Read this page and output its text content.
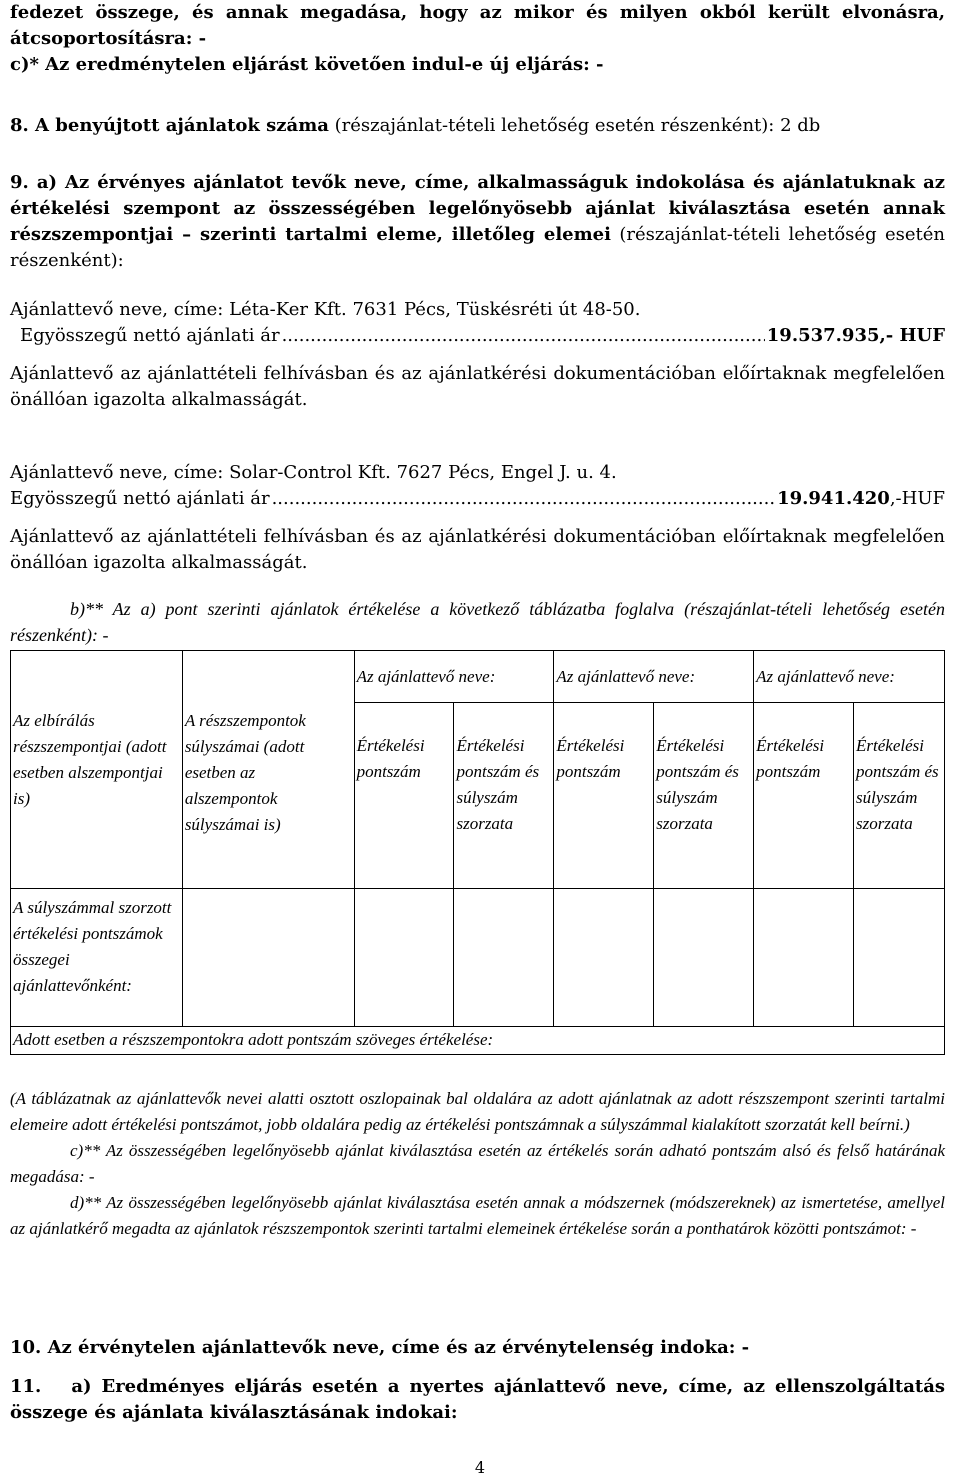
fedezet összege, és annak megadása, hogy az mikor és milyen okból került elvonásra, átcsoportosításra: -

c)* Az eredménytelen eljárást követően indul-e új eljárás: -

8. A benyújtott ajánlatok száma (részajánlat-tételi lehetőség esetén részenként): 2 db

9. a) Az érvényes ajánlatot tevők neve, címe, alkalmasságuk indokolása és ajánlatuknak az értékelési szempont az összességében legelőnyösebb ajánlat kiválasztása esetén annak részszempontjai – szerinti tartalmi eleme, illetőleg elemei (részajánlat-tételi lehetőség esetén részenként):

Ajánlattevő neve, címe: Léta-Ker Kft. 7631 Pécs, Tüskésréti út 48-50.

Egyösszegű nettó ajánlati ár .....	19.537.935 ,- HUF

Ajánlattevő az ajánlattételi felhívásban és az ajánlatkérési dokumentációban előírtaknak megfelelően önállóan igazolta alkalmasságát.

Ajánlattevő neve, címe: Solar-Control Kft. 7627 Pécs, Engel J. u. 4.

Egyösszegű nettó ajánlati ár .....	19.941.420 ,-HUF

Ajánlattevő az ajánlattételi felhívásban és az ajánlatkérési dokumentációban előírtaknak megfelelően önállóan igazolta alkalmasságát.

b)** Az a) pont szerinti ajánlatok értékelése a következő táblázatba foglalva (részajánlat-tételi lehetőség esetén részenként): -

		Az ajánlattevő neve:		Az ajánlattevő neve:		Az ajánlattevő neve:	
Az elbírálás részszempontjai (adott esetben alszempontjai is)	A részszempontok súlyszámai (adott esetben az alszempontok súlyszámai is)	Értékelési pontszám	Értékelési pontszám és súlyszám szorzata	Értékelési pontszám	Értékelési pontszám és súlyszám szorzata	Értékelési pontszám	Értékelési pontszám és súlyszám szorzata
A súlyszámmal szorzott értékelési pontszámok összegei ajánlattevőnként:							
Adott esetben a részszempontokra adott pontszám szöveges értékelése:							

(A táblázatnak az ajánlattevők nevei alatti osztott oszlopainak bal oldalára az adott ajánlatnak az adott részszempont szerinti tartalmi elemeire adott értékelési pontszámot, jobb oldalára pedig az értékelési pontszámnak a súlyszámmal kialakított szorzatát kell beírni.)

c)** Az összességében legelőnyösebb ajánlat kiválasztása esetén az értékelés során adható pontszám alsó és felső határának megadása: -

d)** Az összességében legelőnyösebb ajánlat kiválasztása esetén annak a módszernek (módszereknek) az ismertetése, amellyel az ajánlatkérő megadta az ajánlatok részszempontok szerinti tartalmi elemeinek értékelése során a ponthatárok közötti pontszámot: -

10. Az érvénytelen ajánlattevők neve, címe és az érvénytelenség indoka: -

11. a) Eredményes eljárás esetén a nyertes ajánlattevő neve, címe, az ellenszolgáltatás összege és ajánlata kiválasztásának indokai:

4
